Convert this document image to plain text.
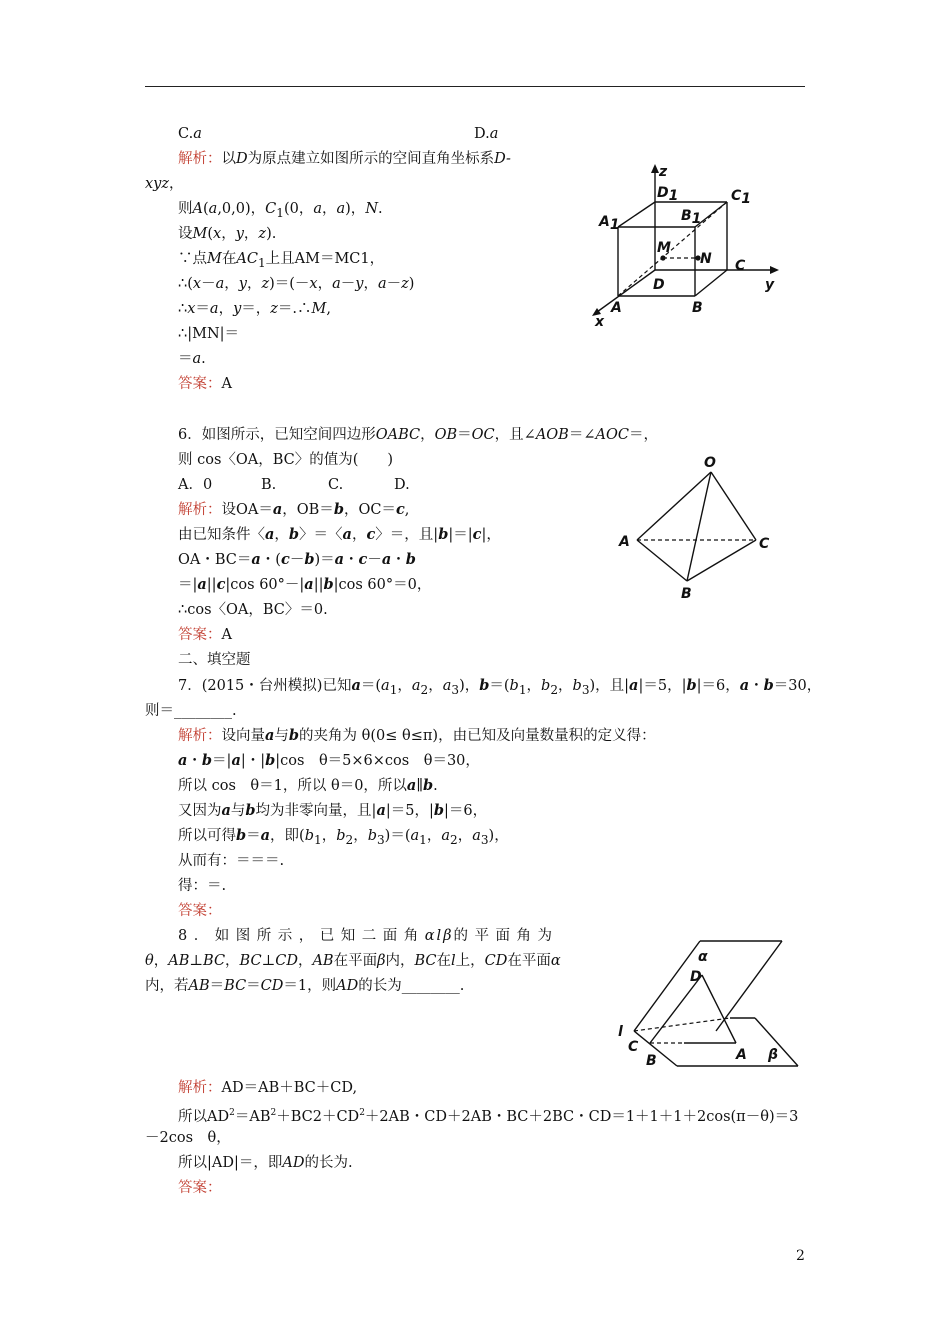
C.a	D.a
解析：以D为原点建立如图所示的空间直角坐标系D-
xyz，
则A(a,0,0)，$C_1(0$，a，a)，N.
设M(x，y，z).
∵点M在$AC_1$上且AM＝MC1，
∴(x－a，y，z)＝(－x，a－y，a－z)
∴x＝a，y＝，z＝.∴M,
∴|MN|＝
＝a.
答案：A
z
D1	C1
A1
B1
M
N C
y
D
A	B
x
6．如图所示，已知空间四边形OABC，OB＝OC，且∠AOB＝∠AOC＝，
则 cos〈OA，BC〉的值为(　　)
A．0	B.	C.	D.
解析：设OA＝a，OB＝b，OC＝c,
由已知条件〈a，b〉＝〈a，c〉＝，且|b|＝|c|，
OA・BC＝a・(c－b)＝a・c－a・b
＝|a||c|cos 60°－|a||b|cos 60°＝0，
∴cos〈OA，BC〉＝0.
答案：A
O
A	C
B
二、填空题
7．(2015・台州模拟)已知$a=(a_1$，$a_2$，$a_3$)，$b=(b_1$，$b_2$，$b_3$)，且|a|＝5，|b|＝6，a・b＝30，
则＝________.
解析：设向量a与b的夹角为 θ(0≤ θ≤π)，由已知及向量数量积的定义得：
a・b＝|a|・|b|cos　θ＝5×6×cos　θ＝30，
所以 cos　θ＝1，所以 θ＝0，所以a∥b.
又因为a与b均为非零向量，且|a|＝5，|b|＝6，
所以可得b＝a，即($b_1$，$b_2$，$b_3)=(a_1$，$a_2$，$a_3$)，
从而有：＝＝＝.
得：＝.
答案：
8．如图所示，已知二面角αlβ的平面角为
θ，AB⊥BC，BC⊥CD，AB在平面β内，BC在l上，CD在平面α
内，若AB＝BC＝CD＝1，则AD的长为________.
α
D
l
C
B	A β
解析：AD＝AB＋BC＋CD,
所以$AD^2=AB^2+BC2+CD^2+2AB$・CD＋2AB・BC＋2BC・CD＝1＋1＋1＋2cos(π－θ)＝3
－2cos　θ，
所以|AD|＝，即AD的长为.
答案：
2
